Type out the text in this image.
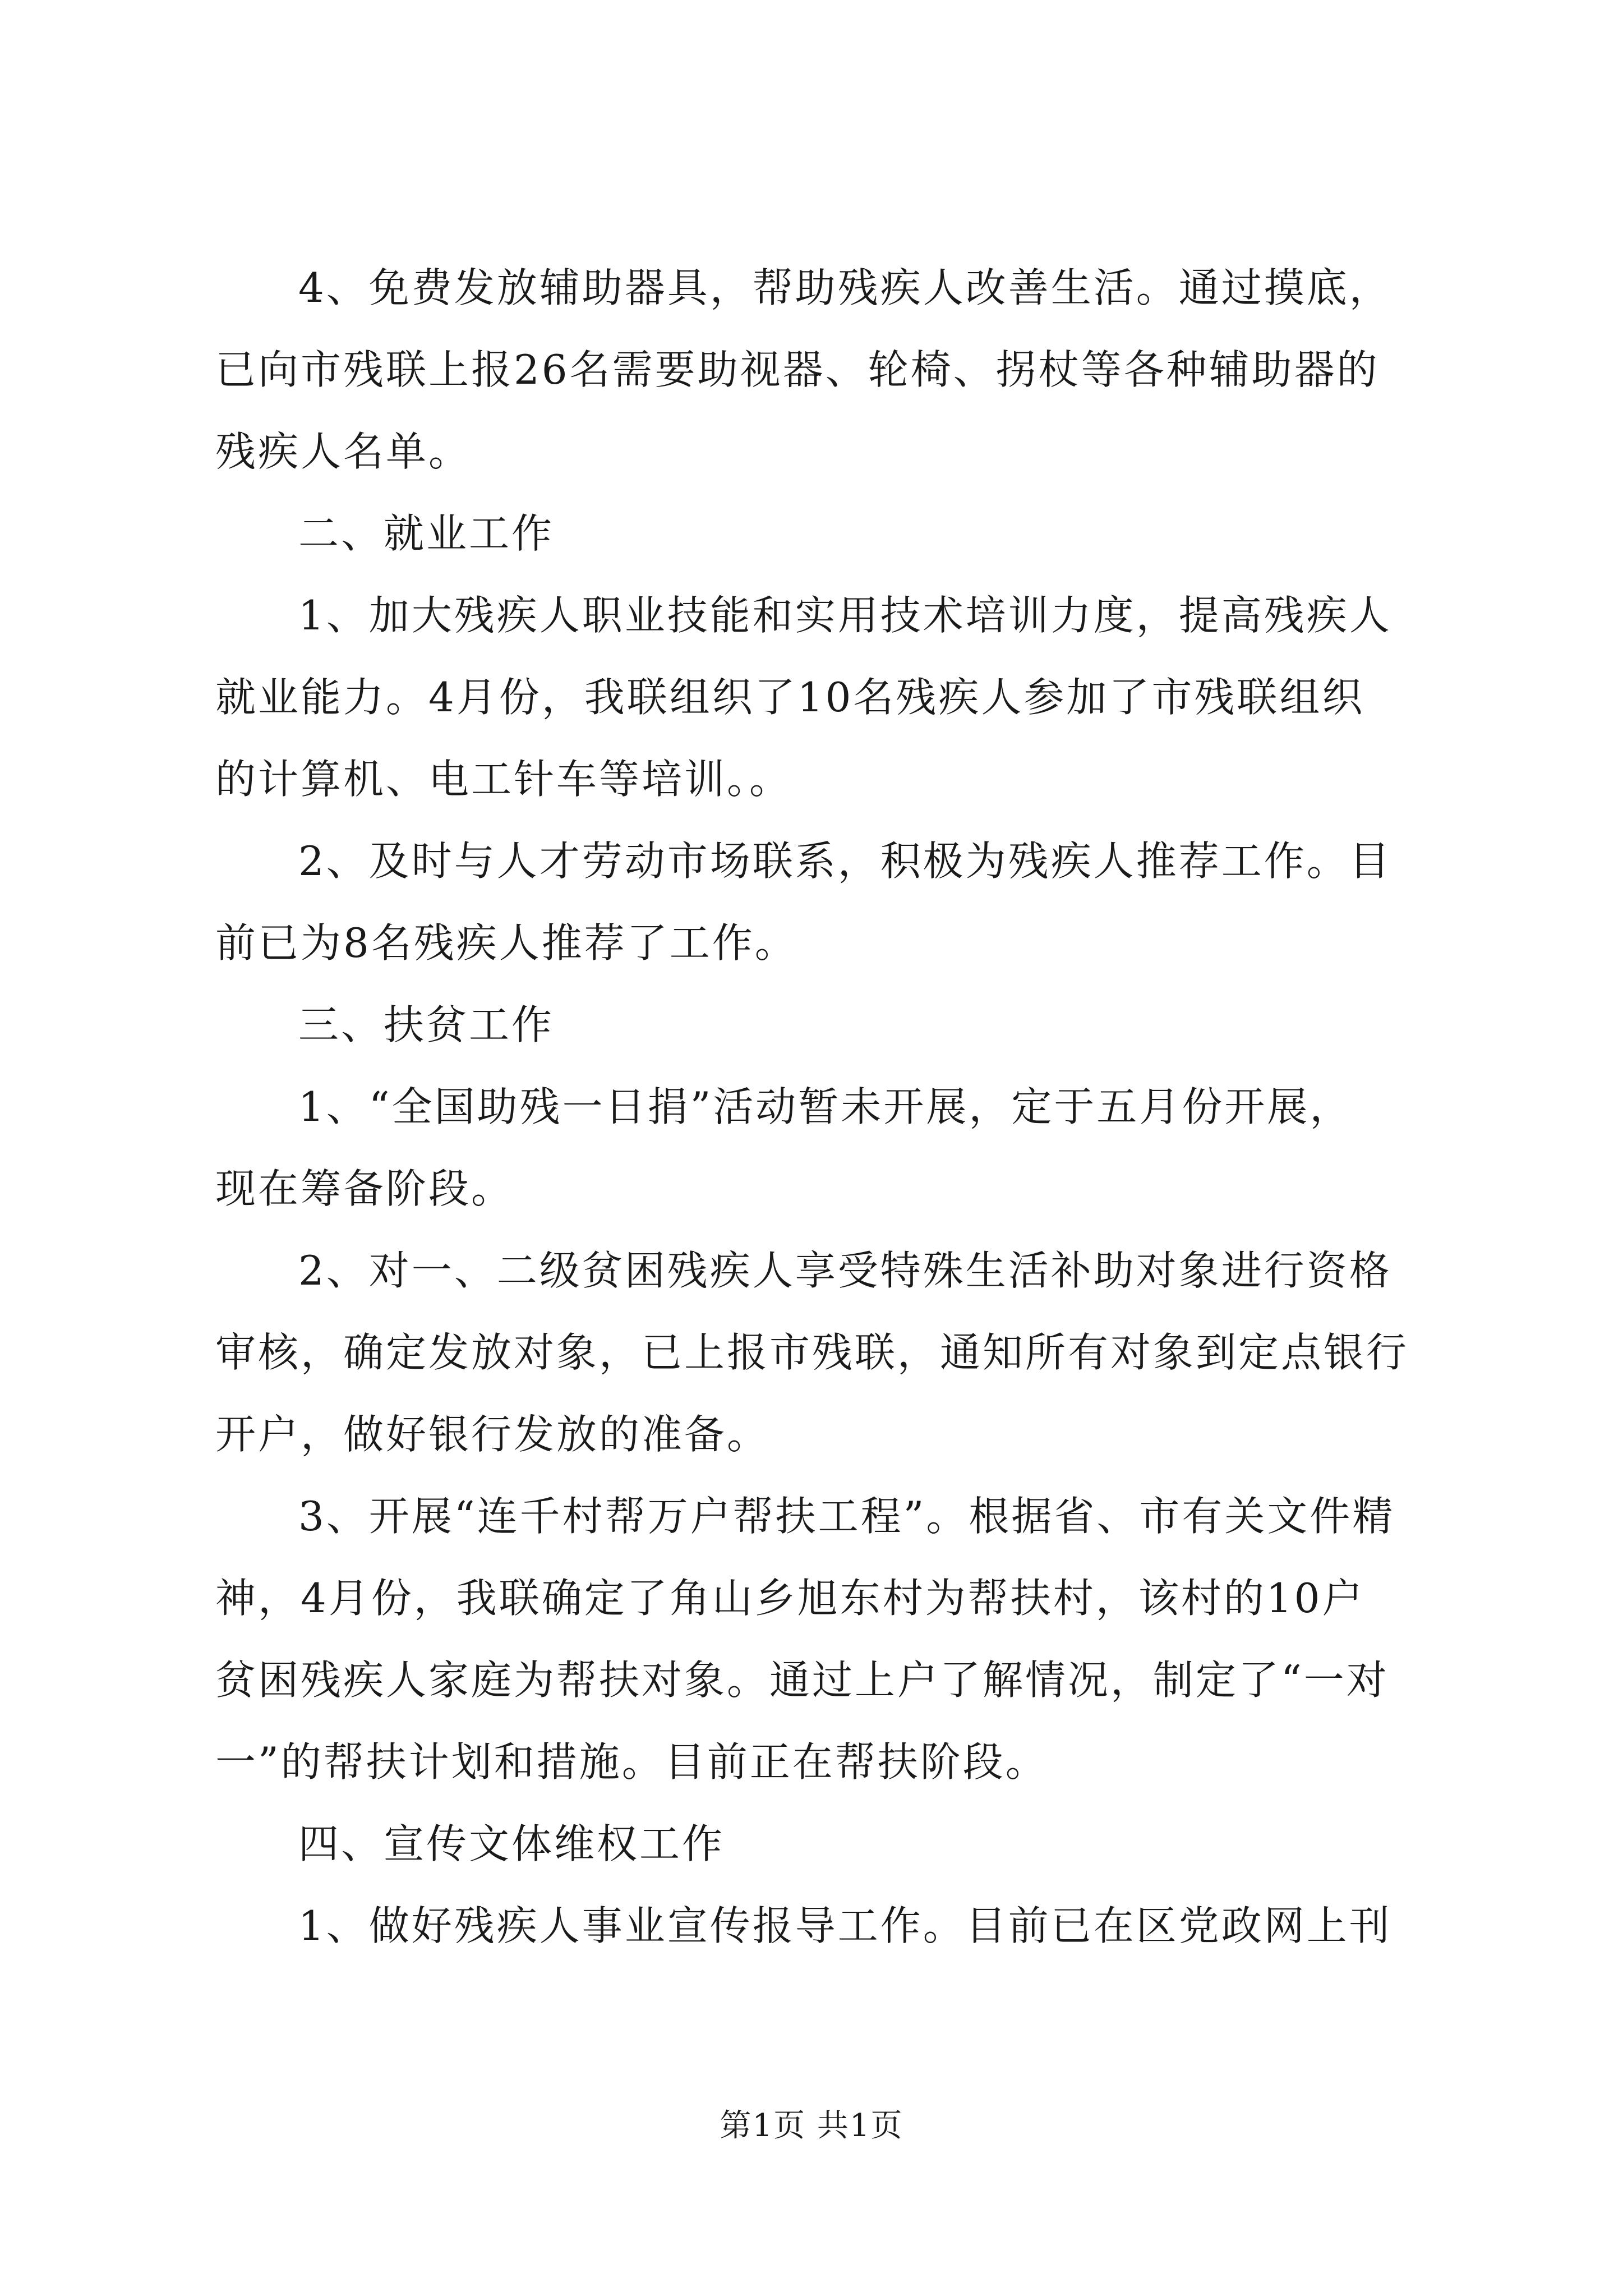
4、免费发放辅助器具，帮助残疾人改善生活。通过摸底，
已向市残联上报26名需要助视器、轮椅、拐杖等各种辅助器的
残疾人名单。
二、就业工作
1、加大残疾人职业技能和实用技术培训力度，提高残疾人
就业能力。4月份，我联组织了10名残疾人参加了市残联组织
的计算机、电工针车等培训。。
2、及时与人才劳动市场联系，积极为残疾人推荐工作。目
前已为8名残疾人推荐了工作。
三、扶贫工作
1、“全国助残一日捐”活动暂未开展，定于五月份开展，
现在筹备阶段。
2、对一、二级贫困残疾人享受特殊生活补助对象进行资格
审核，确定发放对象，已上报市残联，通知所有对象到定点银行
开户，做好银行发放的准备。
3、开展“连千村帮万户帮扶工程”。根据省、市有关文件精
神，4月份，我联确定了角山乡旭东村为帮扶村，该村的10户
贫困残疾人家庭为帮扶对象。通过上户了解情况，制定了“一对
一”的帮扶计划和措施。目前正在帮扶阶段。
四、宣传文体维权工作
1、做好残疾人事业宣传报导工作。目前已在区党政网上刊
第1页 共1页
